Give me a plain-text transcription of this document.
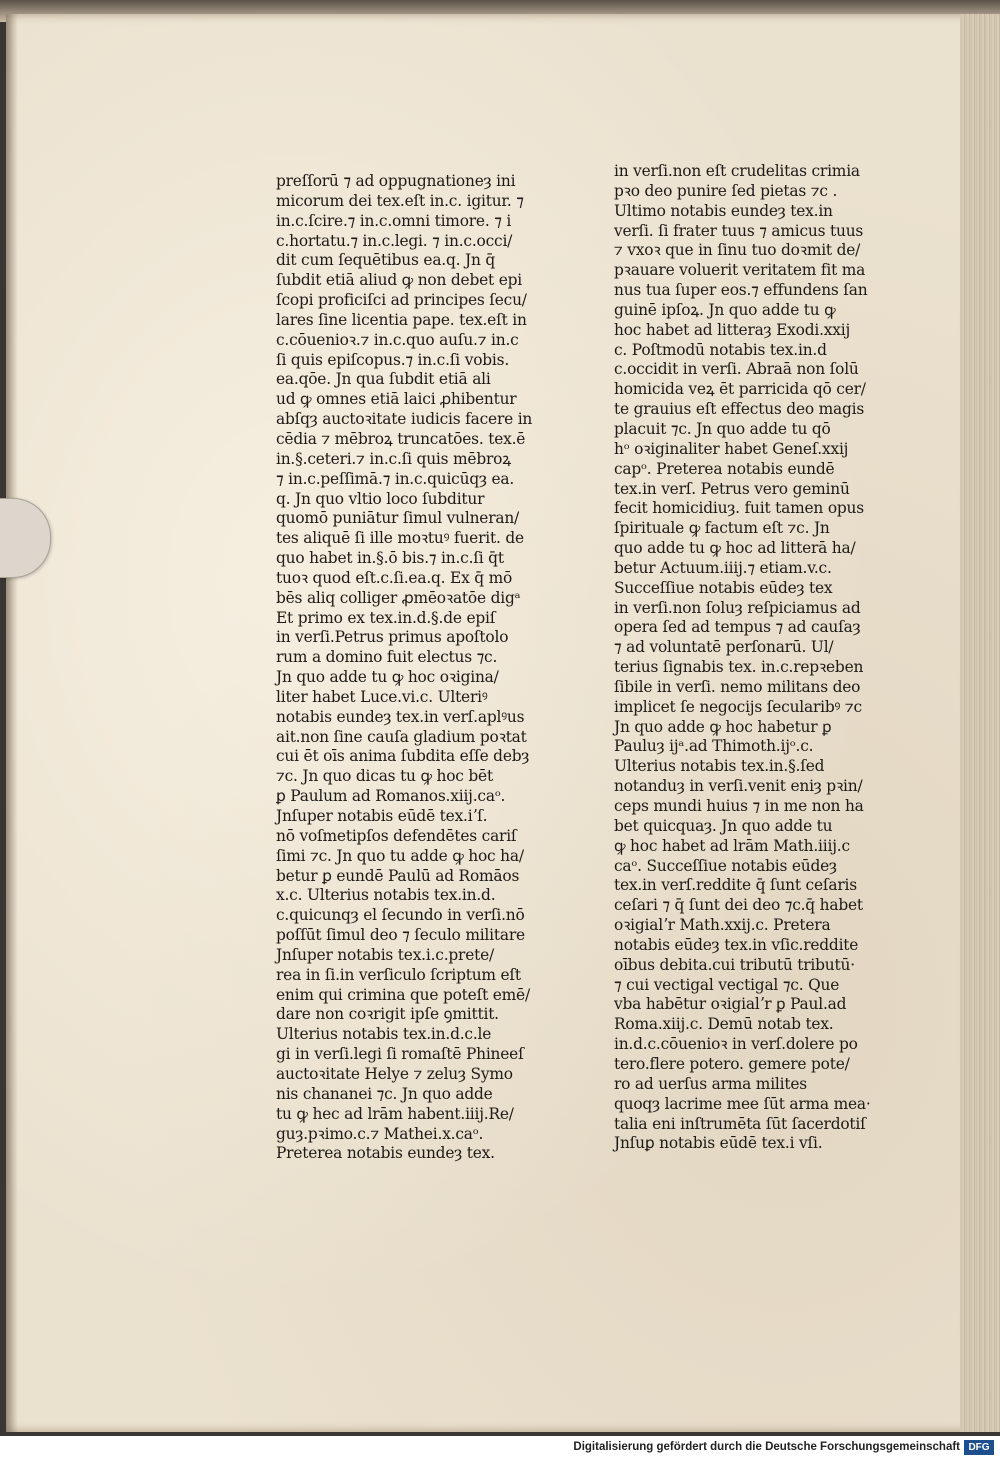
preſſorū ⁊ ad oppugnationeȝ ini
micorum dei tex.eſt in.c. igitur. ⁊
in.c.ſcire.⁊ in.c.omni timore. ⁊ i
c.hortatu.⁊ in.c.legi. ⁊ in.c.occi/
dit cum ſequētibus ea.q. Jn q̄
ſubdit etiā aliud ꝙ non debet epi
ſcopi proficiſci ad principes ſecu/
lares ſine licentia pape. tex.eſt in
c.cōuenioꝛ.⁊ in.c.quo auſu.⁊ in.c
ſi quis epiſcopus.⁊ in.c.ſi vobis.
ea.qōe. Jn qua ſubdit etiā ali
ud ꝙ omnes etiā laici ꝓhibentur
abſqȝ auctoꝛitate iudicis facere in
cēdia ⁊ mēbroꝝ truncatōes. tex.ē
in.§.ceteri.⁊ in.c.ſi quis mēbroꝝ
⁊ in.c.peſſimā.⁊ in.c.quicūqȝ ea.
q. Jn quo vltio loco ſubditur
quomō puniātur ſimul vulneran/
tes aliquē ſi ille moꝛtuꝰ fuerit. de
quo habet in.§.ō bis.⁊ in.c.ſi q̄t
tuoꝛ quod eſt.c.ſi.ea.q. Ex q̄ mō
bēs aliq colliger ꝓmēoꝛatōe digᵃ
Et primo ex tex.in.d.§.de epiſ
in verſi.Petrus primus apoſtolo
rum a domino fuit electus ⁊c.
Jn quo adde tu ꝙ hoc oꝛigina/
liter habet Luce.vi.c. Ulteriꝰ
notabis eundeȝ tex.in verſ.aplꝰus
ait.non ſine cauſa gladium poꝛtat
cui ēt oīs anima ſubdita eſſe debȝ
⁊c. Jn quo dicas tu ꝙ hoc bēt
ꝑ Paulum ad Romanos.xiij.caᵒ.
Jnſuper notabis eūdē tex.iʼſ.
nō voſmetipſos defendētes cariſ
ſimi ⁊c. Jn quo tu adde ꝙ hoc ha/
betur ꝑ eundē Paulū ad Romāos
x.c. Ulterius notabis tex.in.d.
c.quicunqȝ el ſecundo in verſi.nō
poſſūt ſimul deo ⁊ ſeculo militare
Jnſuper notabis tex.i.c.prete/
rea in ſi.in verſiculo ſcriptum eſt
enim qui crimina que poteſt emē/
dare non coꝛrigit ipſe ꝯmittit.
Ulterius notabis tex.in.d.c.le
gi in verſi.legi ſi romaſtē Phineeſ
auctoꝛitate Helye ⁊ zeluȝ Symo
nis chananei ⁊c. Jn quo adde
tu ꝙ hec ad lrām habent.iiij.Re/
guȝ.pꝛimo.c.⁊ Mathei.x.caᵒ.
Preterea notabis eundeȝ tex.
in verſi.non eſt crudelitas crimia
pꝛo deo punire ſed pietas ⁊c .
Ultimo notabis eundeȝ tex.in
verſi. ſi frater tuus ⁊ amicus tuus
⁊ vxoꝛ que in ſinu tuo doꝛmit de/
pꝛauare voluerit veritatem fit ma
nus tua ſuper eos.⁊ effundens ſan
guinē ipſoꝝ. Jn quo adde tu ꝙ
hoc habet ad litteraȝ Exodi.xxij
c. Poſtmodū notabis tex.in.d
c.occidit in verſi. Abraā non ſolū
homicida veꝝ ēt parricida qō cer/
te grauius eſt effectus deo magis
placuit ⁊c. Jn quo adde tu qō
hᵒ oꝛiginaliter habet Geneſ.xxij
capᵒ. Preterea notabis eundē
tex.in verſ. Petrus vero geminū
fecit homicidiuȝ. fuit tamen opus
ſpirituale ꝙ factum eſt ⁊c. Jn
quo adde tu ꝙ hoc ad litterā ha/
betur Actuum.iiij.⁊ etiam.v.c.
Succeſſiue notabis eūdeȝ tex
in verſi.non ſoluȝ reſpiciamus ad
opera ſed ad tempus ⁊ ad cauſaȝ
⁊ ad voluntatē perſonarū. Ul/
terius ſignabis tex. in.c.repꝛeben
ſibile in verſi. nemo militans deo
implicet ſe negocijs ſecularibꝰ ⁊c
Jn quo adde ꝙ hoc habetur ꝑ
Pauluȝ ijᵃ.ad Thimoth.ijᵒ.c.
Ulterius notabis tex.in.§.ſed
notanduȝ in verſi.venit eniȝ pꝛin/
ceps mundi huius ⁊ in me non ha
bet quicquaȝ. Jn quo adde tu
ꝙ hoc habet ad lrām Math.iiij.c
caᵒ. Succeſſiue notabis eūdeȝ
tex.in verſ.reddite q̄ ſunt ceſaris
ceſari ⁊ q̄ ſunt dei deo ⁊c.q̄ habet
oꝛigialʼr Math.xxij.c. Pretera
notabis eūdeȝ tex.in vſic.reddite
oībus debita.cui tributū tributū·
⁊ cui vectigal vectigal ⁊c. Que
vba habētur oꝛigialʼr ꝑ Paul.ad
Roma.xiij.c. Demū notab tex.
in.d.c.cōuenioꝛ in verſ.dolere po
tero.flere potero. gemere pote/
ro ad uerſus arma milites
quoqȝ lacrime mee ſūt arma mea·
talia eni inſtrumēta ſūt ſacerdotiſ
Jnſuꝑ notabis eūdē tex.i vſi.
Digitalisierung gefördert durch die Deutsche Forschungsgemeinschaft DFG
